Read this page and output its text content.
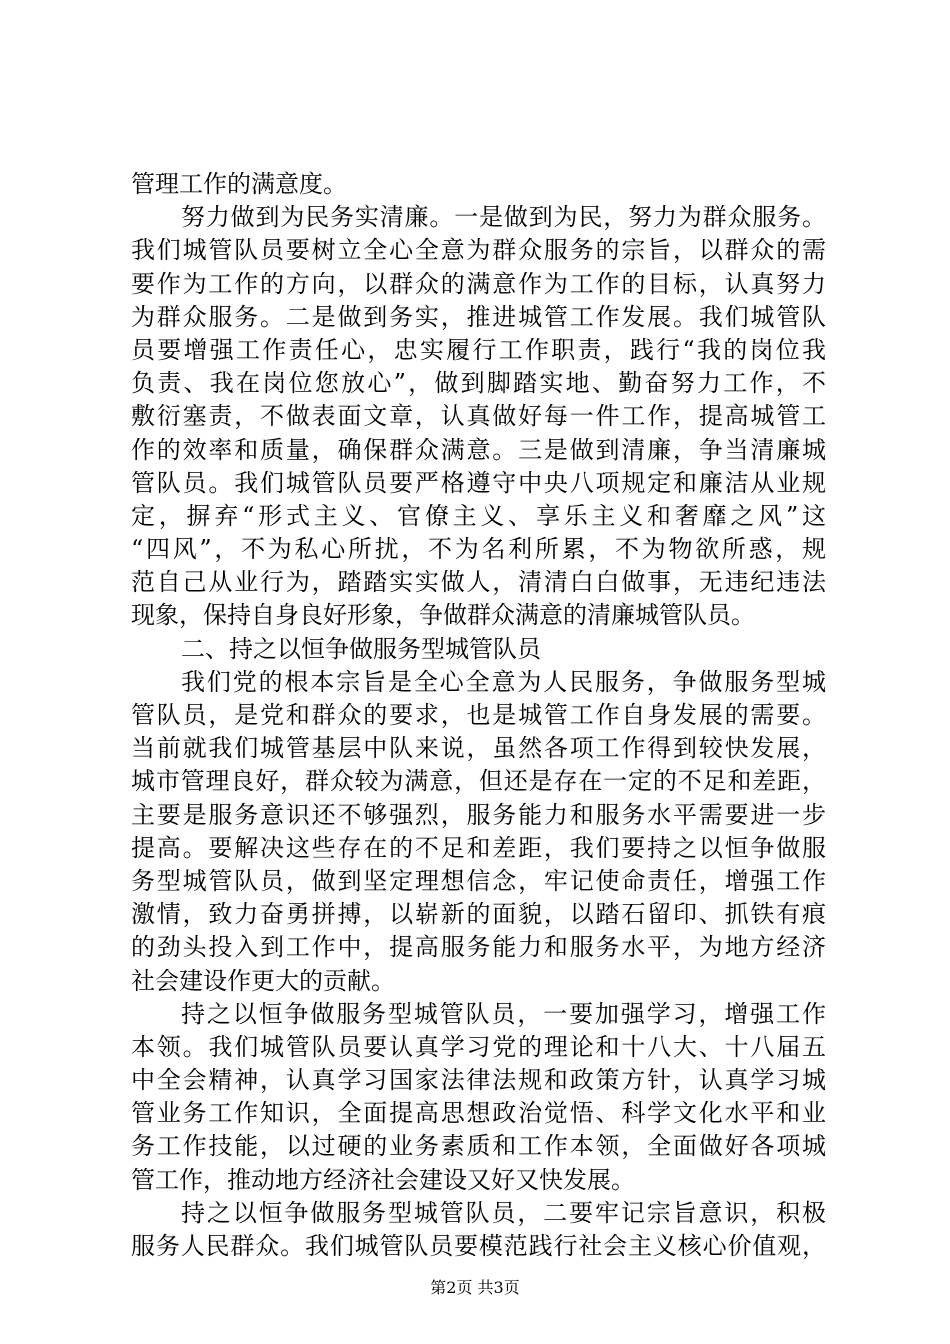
管理工作的满意度。
努力做到为民务实清廉。一是做到为民，努力为群众服务。
我们城管队员要树立全心全意为群众服务的宗旨，以群众的需
要作为工作的方向，以群众的满意作为工作的目标，认真努力
为群众服务。二是做到务实，推进城管工作发展。我们城管队
员要增强工作责任心，忠实履行工作职责，践行“我的岗位我
负责、我在岗位您放心”，做到脚踏实地、勤奋努力工作，不
敷衍塞责，不做表面文章，认真做好每一件工作，提高城管工
作的效率和质量，确保群众满意。三是做到清廉，争当清廉城
管队员。我们城管队员要严格遵守中央八项规定和廉洁从业规
定，摒弃“形式主义、官僚主义、享乐主义和奢靡之风”这
“四风”，不为私心所扰，不为名利所累，不为物欲所惑，规
范自己从业行为，踏踏实实做人，清清白白做事，无违纪违法
现象，保持自身良好形象，争做群众满意的清廉城管队员。
二、持之以恒争做服务型城管队员
我们党的根本宗旨是全心全意为人民服务，争做服务型城
管队员，是党和群众的要求，也是城管工作自身发展的需要。
当前就我们城管基层中队来说，虽然各项工作得到较快发展，
城市管理良好，群众较为满意，但还是存在一定的不足和差距，
主要是服务意识还不够强烈，服务能力和服务水平需要进一步
提高。要解决这些存在的不足和差距，我们要持之以恒争做服
务型城管队员，做到坚定理想信念，牢记使命责任，增强工作
激情，致力奋勇拼搏，以崭新的面貌，以踏石留印、抓铁有痕
的劲头投入到工作中，提高服务能力和服务水平，为地方经济
社会建设作更大的贡献。
持之以恒争做服务型城管队员，一要加强学习，增强工作
本领。我们城管队员要认真学习党的理论和十八大、十八届五
中全会精神，认真学习国家法律法规和政策方针，认真学习城
管业务工作知识，全面提高思想政治觉悟、科学文化水平和业
务工作技能，以过硬的业务素质和工作本领，全面做好各项城
管工作，推动地方经济社会建设又好又快发展。
持之以恒争做服务型城管队员，二要牢记宗旨意识，积极
服务人民群众。我们城管队员要模范践行社会主义核心价值观，
第2页 共3页
